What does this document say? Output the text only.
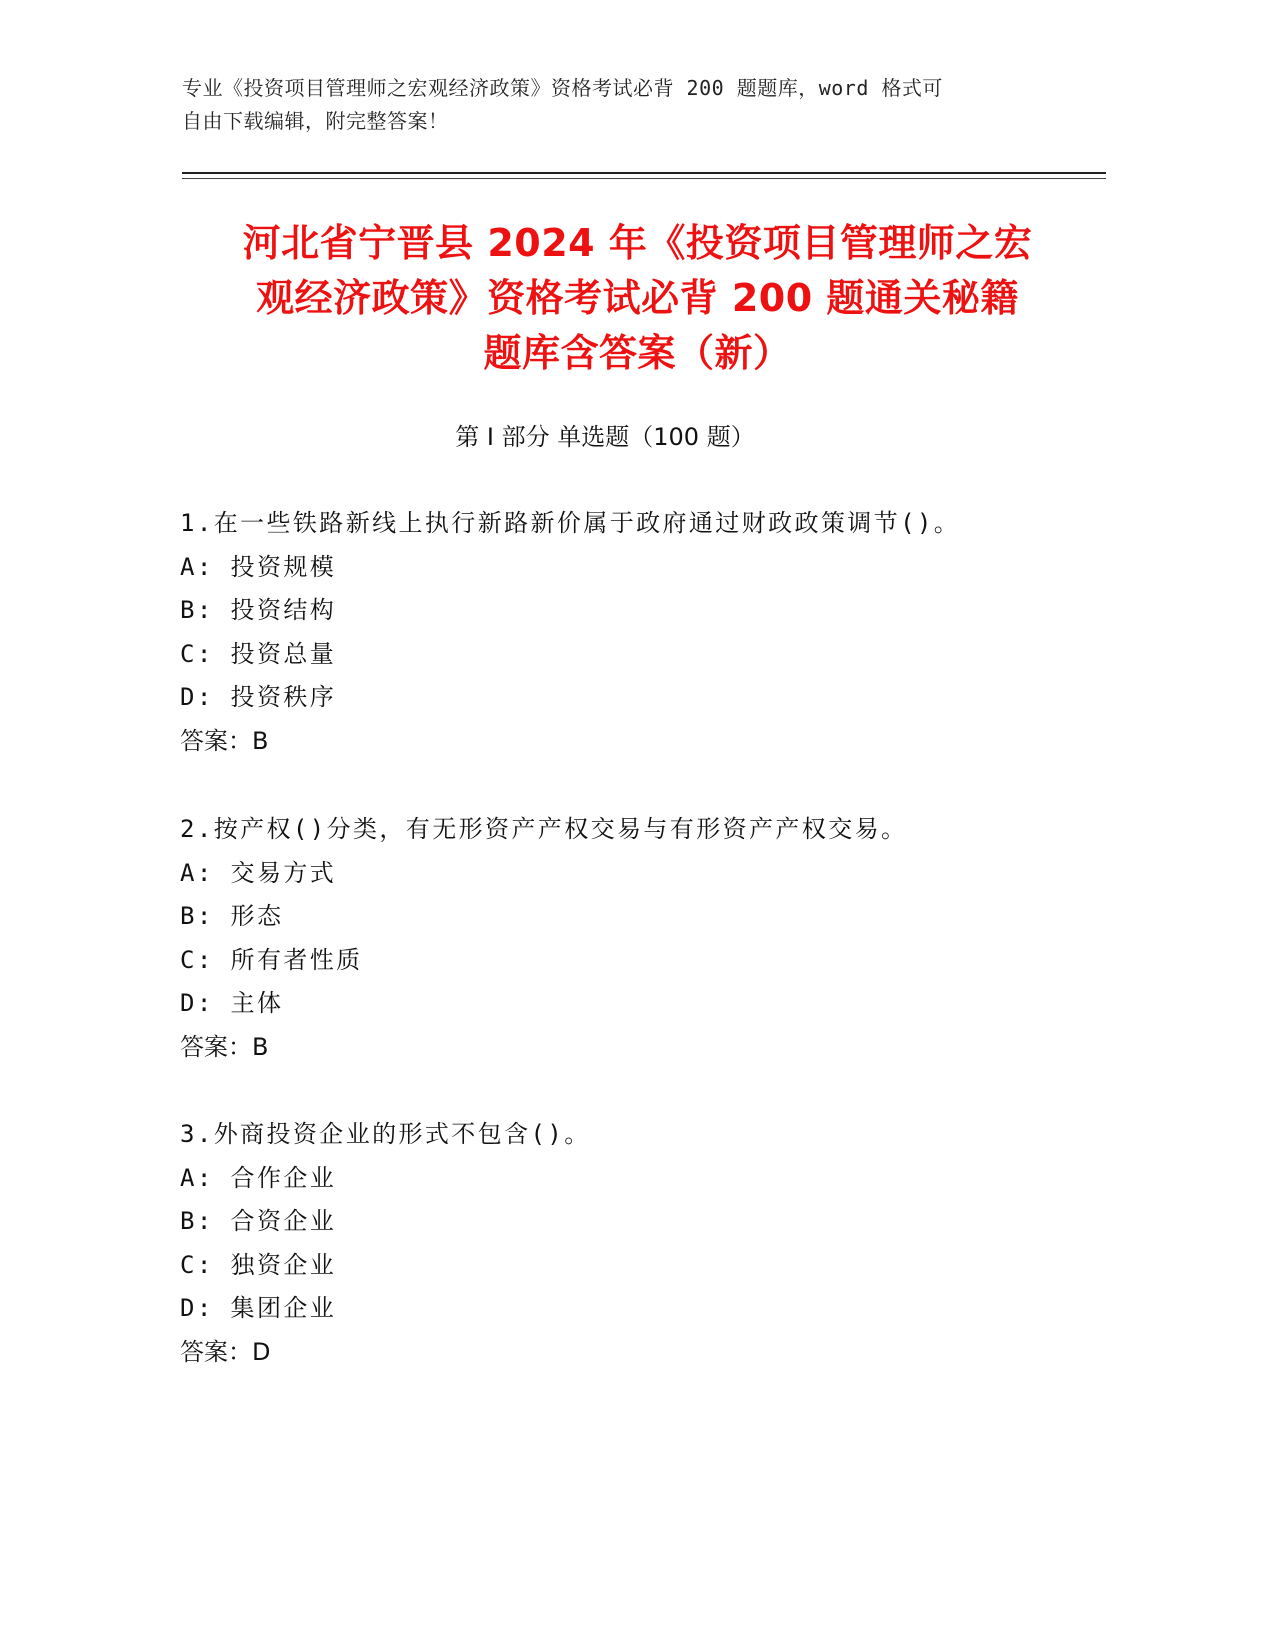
专业《投资项目管理师之宏观经济政策》资格考试必背 200 题题库，word 格式可
自由下载编辑，附完整答案！
河北省宁晋县 2024 年《投资项目管理师之宏
观经济政策》资格考试必背 200 题通关秘籍
题库含答案（新）
第 I 部分 单选题（100 题）
1.在一些铁路新线上执行新路新价属于政府通过财政政策调节()。
A: 投资规模
B: 投资结构
C: 投资总量
D: 投资秩序
答案：B
2.按产权()分类，有无形资产产权交易与有形资产产权交易。
A: 交易方式
B: 形态
C: 所有者性质
D: 主体
答案：B
3.外商投资企业的形式不包含()。
A: 合作企业
B: 合资企业
C: 独资企业
D: 集团企业
答案：D
